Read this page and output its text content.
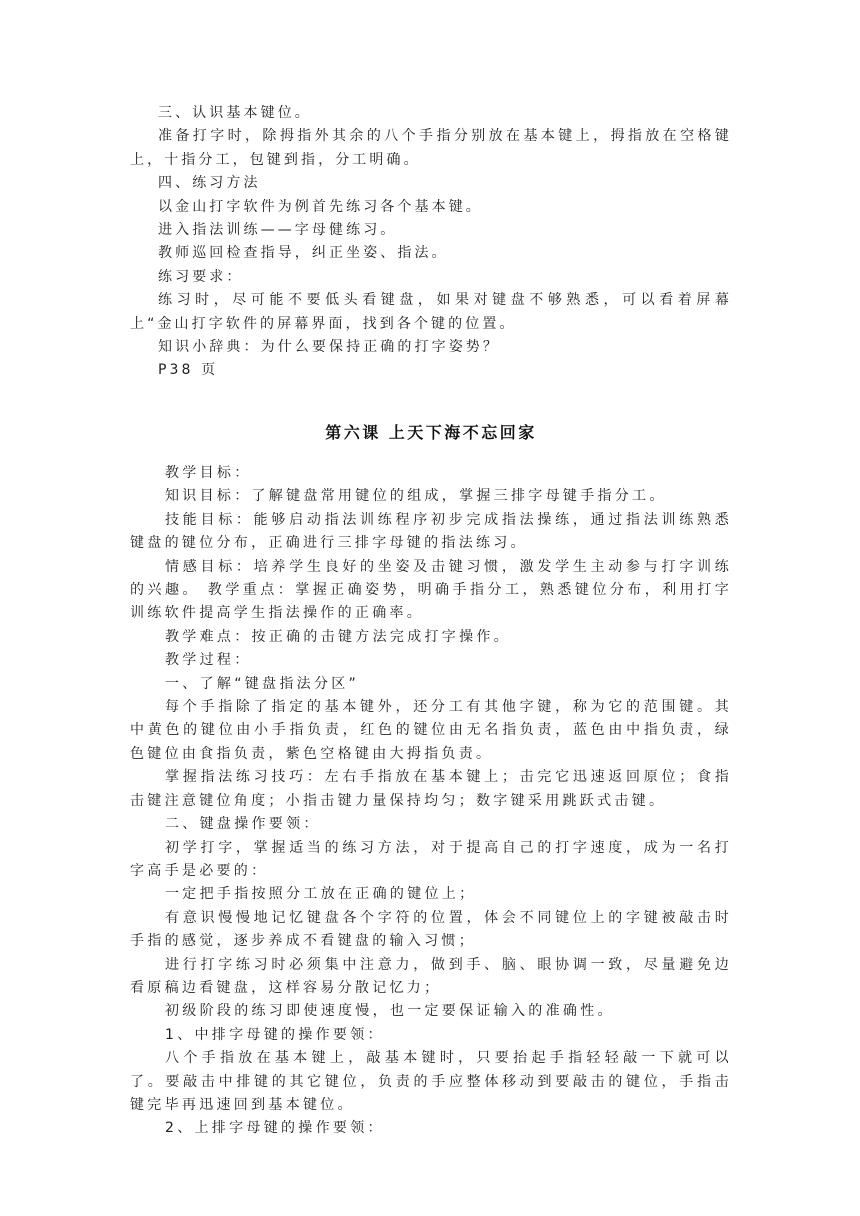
三、认识基本键位。

准备打字时，除拇指外其余的八个手指分别放在基本键上，拇指放在空格键上，十指分工，包键到指，分工明确。

四、练习方法

以金山打字软件为例首先练习各个基本键。

进入指法训练——字母健练习。

教师巡回检查指导，纠正坐姿、指法。

练习要求：

练习时，尽可能不要低头看键盘，如果对键盘不够熟悉，可以看着屏幕上“金山打字软件的屏幕界面，找到各个键的位置。

知识小辞典：为什么要保持正确的打字姿势？

P38 页

第六课 上天下海不忘回家

教学目标：

知识目标：了解键盘常用键位的组成，掌握三排字母键手指分工。

技能目标：能够启动指法训练程序初步完成指法操练，通过指法训练熟悉键盘的键位分布，正确进行三排字母键的指法练习。

情感目标：培养学生良好的坐姿及击键习惯，激发学生主动参与打字训练的兴趣。 教学重点：掌握正确姿势，明确手指分工，熟悉键位分布，利用打字训练软件提高学生指法操作的正确率。

教学难点：按正确的击键方法完成打字操作。

教学过程：

一、了解“键盘指法分区”

每个手指除了指定的基本键外，还分工有其他字键，称为它的范围键。其中黄色的键位由小手指负责，红色的键位由无名指负责，蓝色由中指负责，绿色键位由食指负责，紫色空格键由大拇指负责。

掌握指法练习技巧：左右手指放在基本键上；击完它迅速返回原位；食指击键注意键位角度；小指击键力量保持均匀；数字键采用跳跃式击键。

二、键盘操作要领：

初学打字，掌握适当的练习方法，对于提高自己的打字速度，成为一名打字高手是必要的：

一定把手指按照分工放在正确的键位上；

有意识慢慢地记忆键盘各个字符的位置，体会不同键位上的字键被敲击时手指的感觉，逐步养成不看键盘的输入习惯；

进行打字练习时必须集中注意力，做到手、脑、眼协调一致，尽量避免边看原稿边看键盘，这样容易分散记忆力；

初级阶段的练习即使速度慢，也一定要保证输入的准确性。

1、中排字母键的操作要领：

八个手指放在基本键上，敲基本键时，只要抬起手指轻轻敲一下就可以了。要敲击中排键的其它键位，负责的手应整体移动到要敲击的键位，手指击键完毕再迅速回到基本键位。

2、上排字母键的操作要领：
